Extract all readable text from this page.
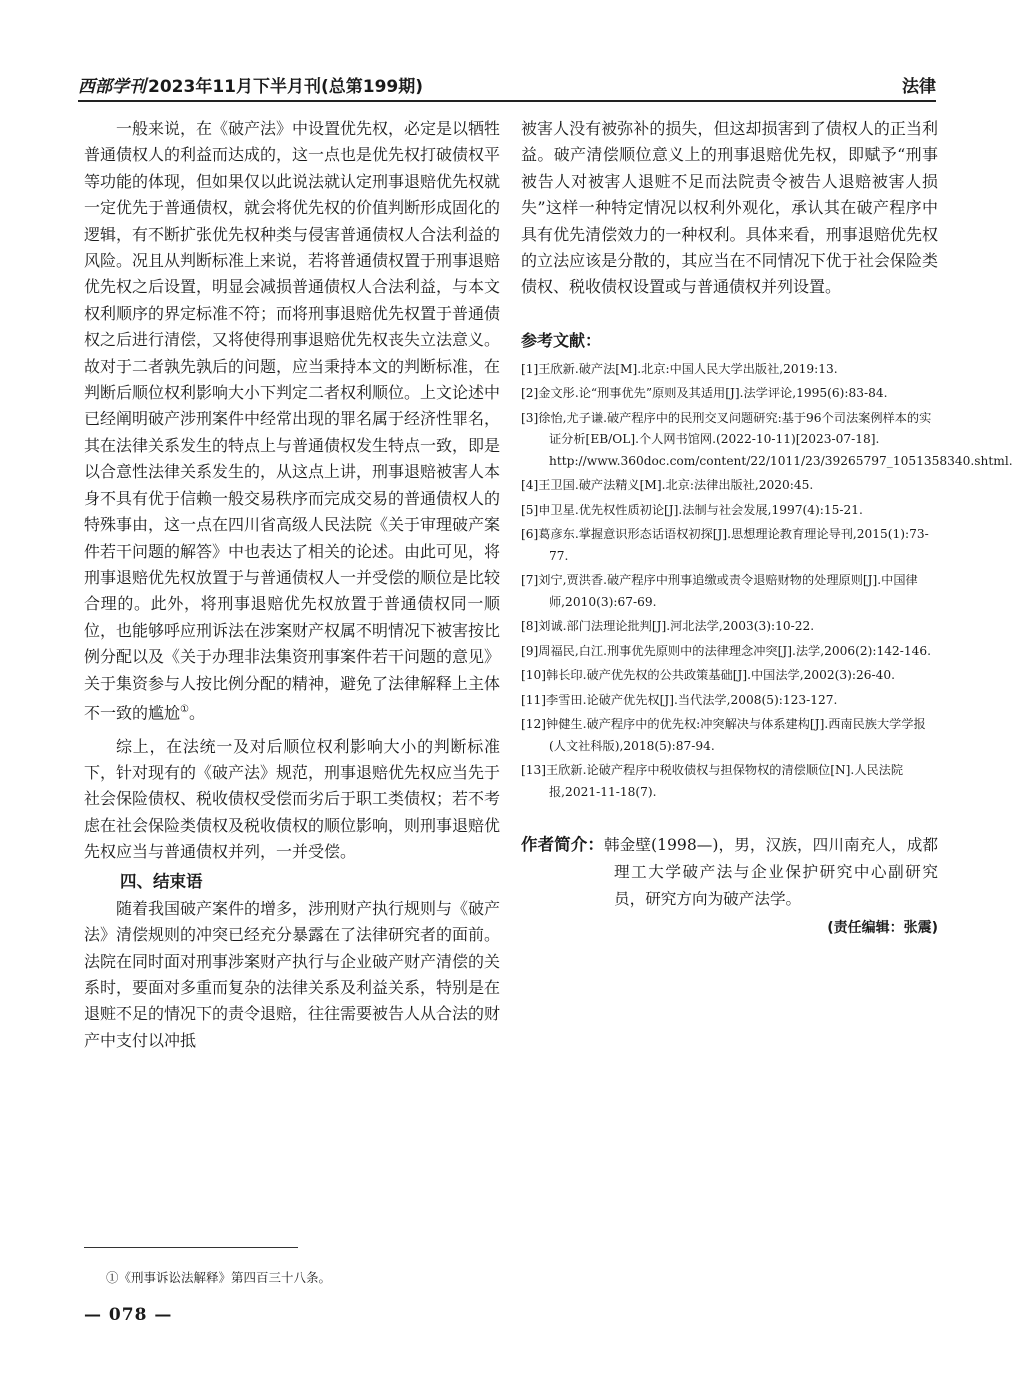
西部学刊 2023年11月下半月刊(总第199期)	法律

一般来说，在《破产法》中设置优先权，必定是以牺牲普通债权人的利益而达成的，这一点也是优先权打破债权平等功能的体现，但如果仅以此说法就认定刑事退赔优先权就一定优先于普通债权，就会将优先权的价值判断形成固化的逻辑，有不断扩张优先权种类与侵害普通债权人合法利益的风险。况且从判断标准上来说，若将普通债权置于刑事退赔优先权之后设置，明显会减损普通债权人合法利益，与本文权利顺序的界定标准不符；而将刑事退赔优先权置于普通债权之后进行清偿，又将使得刑事退赔优先权丧失立法意义。故对于二者孰先孰后的问题，应当秉持本文的判断标准，在判断后顺位权利影响大小下判定二者权利顺位。上文论述中已经阐明破产涉刑案件中经常出现的罪名属于经济性罪名，其在法律关系发生的特点上与普通债权发生特点一致，即是以合意性法律关系发生的，从这点上讲，刑事退赔被害人本身不具有优于信赖一般交易秩序而完成交易的普通债权人的特殊事由，这一点在四川省高级人民法院《关于审理破产案件若干问题的解答》中也表达了相关的论述。由此可见，将刑事退赔优先权放置于与普通债权人一并受偿的顺位是比较合理的。此外，将刑事退赔优先权放置于普通债权同一顺位，也能够呼应刑诉法在涉案财产权属不明情况下被害按比例分配以及《关于办理非法集资刑事案件若干问题的意见》关于集资参与人按比例分配的精神，避免了法律解释上主体不一致的尴尬①。

综上，在法统一及对后顺位权利影响大小的判断标准下，针对现有的《破产法》规范，刑事退赔优先权应当先于社会保险债权、税收债权受偿而劣后于职工类债权；若不考虑在社会保险类债权及税收债权的顺位影响，则刑事退赔优先权应当与普通债权并列，一并受偿。

四、结束语

随着我国破产案件的增多，涉刑财产执行规则与《破产法》清偿规则的冲突已经充分暴露在了法律研究者的面前。法院在同时面对刑事涉案财产执行与企业破产财产清偿的关系时，要面对多重而复杂的法律关系及利益关系，特别是在退赃不足的情况下的责令退赔，往往需要被告人从合法的财产中支付以冲抵

被害人没有被弥补的损失，但这却损害到了债权人的正当利益。破产清偿顺位意义上的刑事退赔优先权，即赋予“刑事被告人对被害人退赃不足而法院责令被告人退赔被害人损失”这样一种特定情况以权利外观化，承认其在破产程序中具有优先清偿效力的一种权利。具体来看，刑事退赔优先权的立法应该是分散的，其应当在不同情况下优于社会保险类债权、税收债权设置或与普通债权并列设置。

参考文献：
[1]王欣新.破产法[M].北京:中国人民大学出版社,2019:13.
[2]金文彤.论“刑事优先”原则及其适用[J].法学评论,1995(6):83-84.
[3]徐怡,尤子谦.破产程序中的民刑交叉问题研究:基于96个司法案例样本的实证分析[EB/OL].个人网书馆网.(2022-10-11)[2023-07-18]. http://www.360doc.com/content/22/1011/23/39265797_1051358340.shtml.
[4]王卫国.破产法精义[M].北京:法律出版社,2020:45.
[5]申卫星.优先权性质初论[J].法制与社会发展,1997(4):15-21.
[6]葛彦东.掌握意识形态话语权初探[J].思想理论教育理论导刊,2015(1):73-77.
[7]刘宁,贾洪香.破产程序中刑事追缴或责令退赔财物的处理原则[J].中国律师,2010(3):67-69.
[8]刘诚.部门法理论批判[J].河北法学,2003(3):10-22.
[9]周福民,白江.刑事优先原则中的法律理念冲突[J].法学,2006(2):142-146.
[10]韩长印.破产优先权的公共政策基础[J].中国法学,2002(3):26-40.
[11]李雪田.论破产优先权[J].当代法学,2008(5):123-127.
[12]钟健生.破产程序中的优先权:冲突解决与体系建构[J].西南民族大学学报(人文社科版),2018(5):87-94.
[13]王欣新.论破产程序中税收债权与担保物权的清偿顺位[N].人民法院报,2021-11-18(7).
作者简介：韩金壁(1998—)，男，汉族，四川南充人，成都理工大学破产法与企业保护研究中心副研究员，研究方向为破产法学。
(责任编辑：张震)
①《刑事诉讼法解释》第四百三十八条。
— 078 —
